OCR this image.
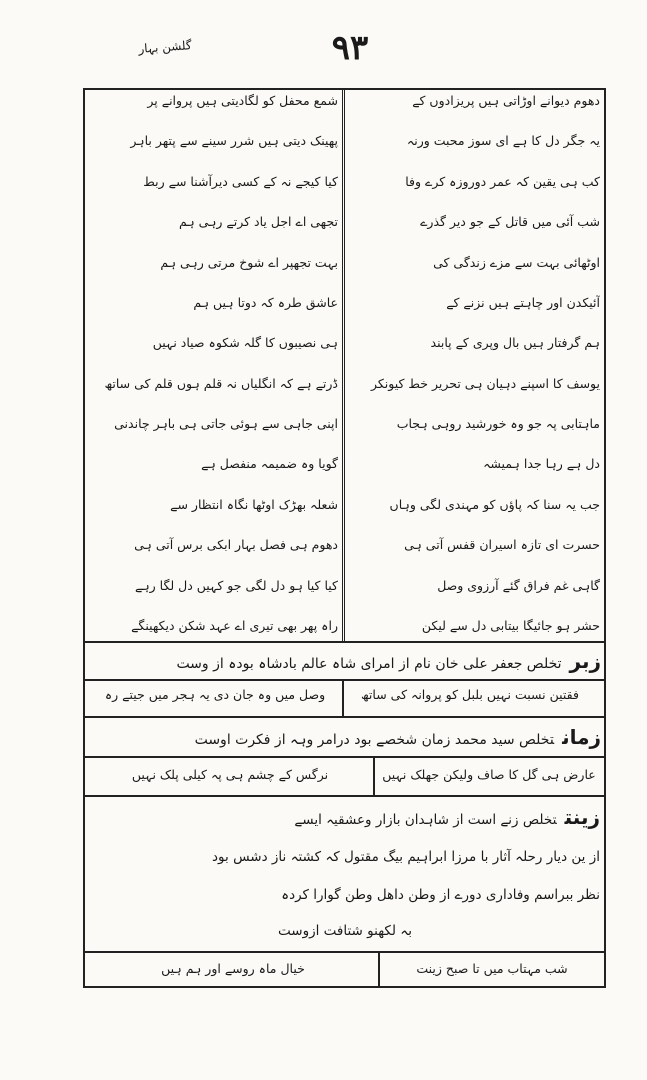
گلشن بہار	۹۳
دھوم دیوانے اوڑاتی ہیں پریزادوں کے
یہ جگر دل کا ہے ای سوز محبت ورنہ
کب ہی یقین کہ عمر دوروزہ کرے وفا
شب آئی میں قاتل کے جو دیر گذرے
اوٹھائی بہت سے مزے زندگی کی
آئیکدن اور چاہتے ہیں نزنے کے
ہم گرفتار ہیں بال وپری کے پابند
یوسف کا اسپنے دہیان ہی تحریر خط کیونکر
ماہتابی پہ جو وہ خورشید روہی ہجاب
دل ہے رہا جدا ہمیشہ
جب یہ سنا کہ پاؤں کو مہندی لگی وہاں
حسرت ای تازہ اسیران قفس آتی ہی
گاہی غم فراق گئے آرزوی وصل
حشر ہو جائیگا بیتابی دل سے لیکن
شمع محفل کو لگادیتی ہیں پروانے پر
پھینک دیتی ہیں شرر سینے سے پتھر باہر
کیا کیجے نہ کے کسی دیرآشنا سے ربط
تجھی اے اجل یاد کرتے رہی ہم
بہت تجھپر اے شوخ مرتی رہی ہم
عاشق طرہ کہ دوتا ہیں ہم
ہی نصیبوں کا گلہ شکوہ صیاد نہیں
ڈرتے ہے کہ انگلیاں نہ قلم ہوں قلم کی ساتھ
اپنی جاہی سے ہوئی جاتی ہی باہر چاندنی
گویا وہ ضمیمہ منفصل ہے
شعلہ بھڑک اوٹھا نگاہ انتظار سے
دھوم ہی فصل بہار ابکی برس آتی ہی
کیا کیا ہو دل لگی جو کہیں دل لگا رہے
راہ پھر بھی تیری اے عہد شکن دیکھینگے
زبرتخلص جعفر علی خان نام از امرای شاہ عالم بادشاہ بودہ از وست
فقتین نسبت نہیں بلبل کو پروانہ کی ساتھ
وصل میں وہ جان دی یہ ہجر میں جیتے رہ
زمانتخلص سید محمد زمان شخصے بود درامر وہہ از فکرت اوست
عارض ہی گل کا صاف ولیکن جھلک نہیں
نرگس کے چشم ہی پہ کیلی پلک نہیں
زینتتخلص زنے است از شاہدان بازار وعشقیہ ایسے
از ین دیار رحلہ آثار با مرزا ابراہیم بیگ مقتول کہ کشتہ ناز دشس بود
نظر ببراسم وفاداری دورے از وطن داھل وطن گوارا کردہ
بہ لکھنو شتافت ازوست
شب مہتاب میں تا صبح زینت
خیال ماہ روسے اور ہم ہیں
